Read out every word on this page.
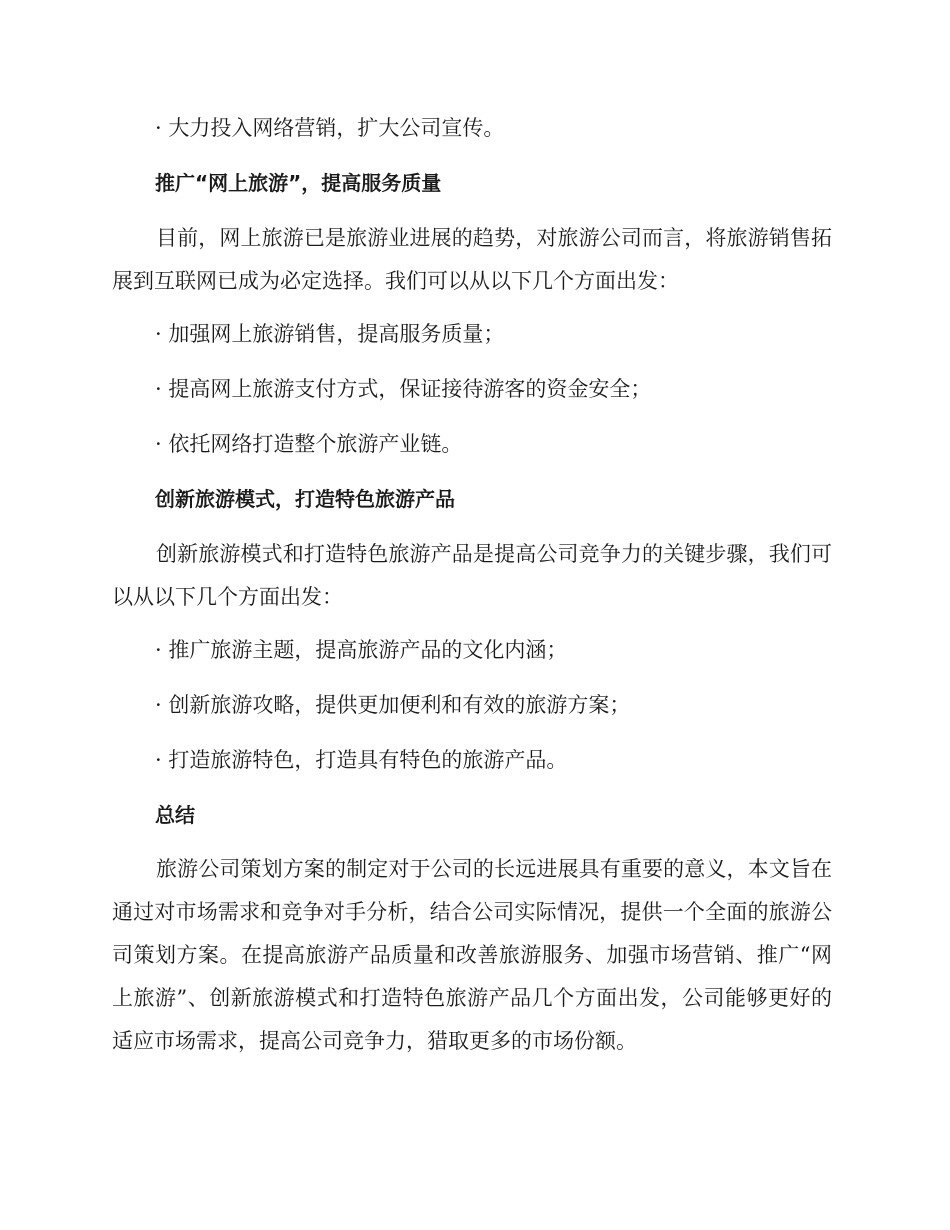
· 大力投入网络营销，扩大公司宣传。
推广“网上旅游”，提高服务质量
目前，网上旅游已是旅游业进展的趋势，对旅游公司而言，将旅游销售拓展到互联网已成为必定选择。我们可以从以下几个方面出发：
· 加强网上旅游销售，提高服务质量；
· 提高网上旅游支付方式，保证接待游客的资金安全；
· 依托网络打造整个旅游产业链。
创新旅游模式，打造特色旅游产品
创新旅游模式和打造特色旅游产品是提高公司竞争力的关键步骤，我们可以从以下几个方面出发：
· 推广旅游主题，提高旅游产品的文化内涵；
· 创新旅游攻略，提供更加便利和有效的旅游方案；
· 打造旅游特色，打造具有特色的旅游产品。
总结
旅游公司策划方案的制定对于公司的长远进展具有重要的意义，本文旨在通过对市场需求和竞争对手分析，结合公司实际情况，提供一个全面的旅游公司策划方案。在提高旅游产品质量和改善旅游服务、加强市场营销、推广“网上旅游”、创新旅游模式和打造特色旅游产品几个方面出发，公司能够更好的适应市场需求，提高公司竞争力，猎取更多的市场份额。
